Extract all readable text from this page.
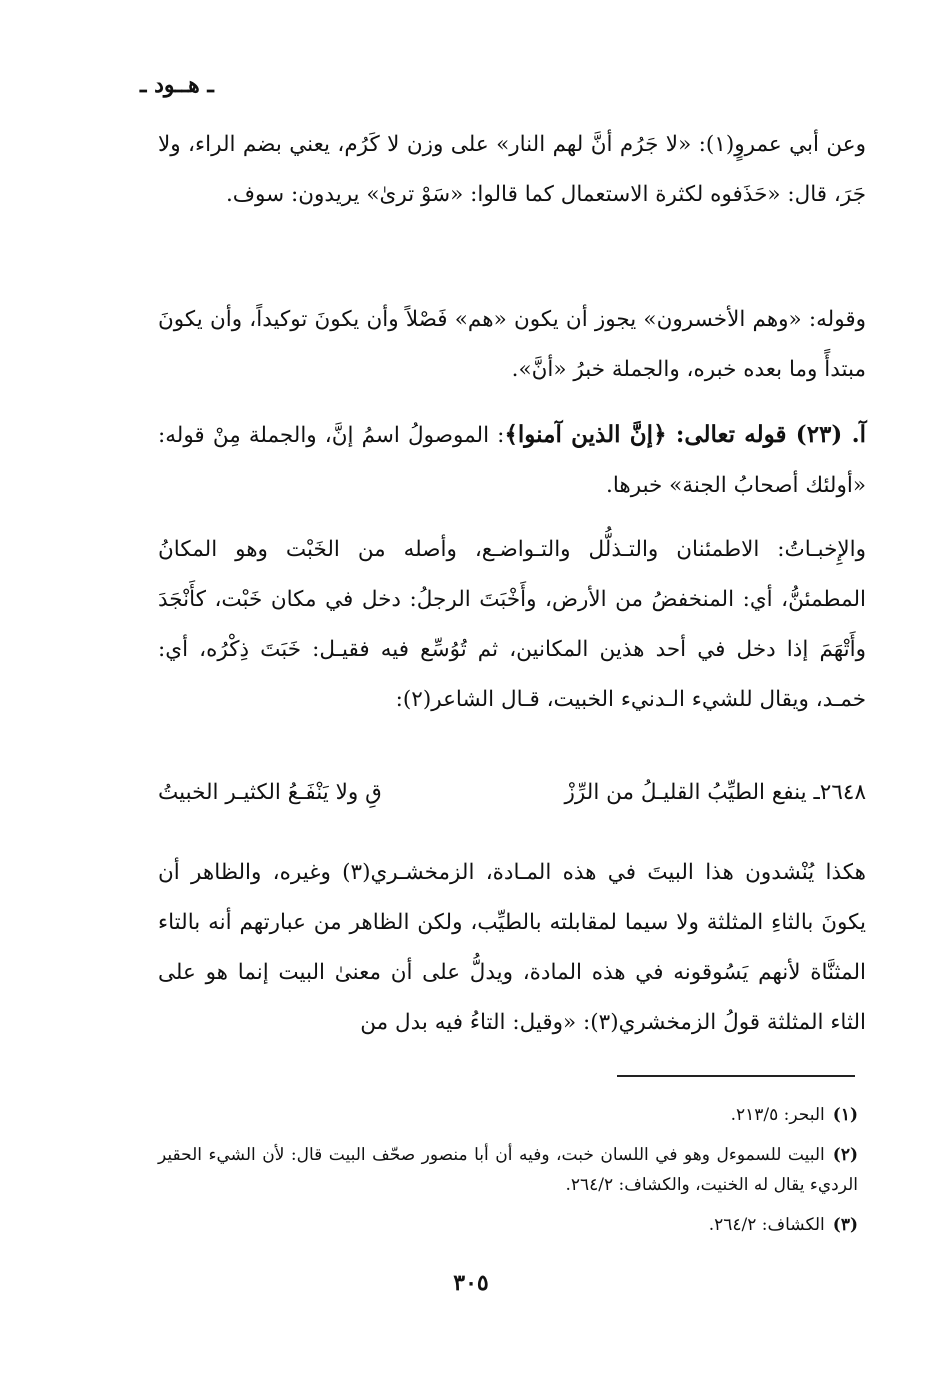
ـ هــود ـ

وعن أبي عمروٍ(١): «لا جَرُم أنَّ لهم النار» على وزن لا كَرُم، يعني بضم الراء، ولا جَرَ، قال: «حَذَفوه لكثرة الاستعمال كما قالوا: «سَوْ ترىٰ» يريدون: سوف.

وقوله: «وهم الأخسرون» يجوز أن يكون «هم» فَصْلاً وأن يكونَ توكيداً، وأن يكونَ مبتدأً وما بعده خبره، والجملة خبرُ «أنَّ».

آ. (٢٣) قوله تعالى: ﴿إنَّ الذين آمنوا﴾: الموصولُ اسمُ إنَّ، والجملة مِنْ قوله: «أولئك أصحابُ الجنة» خبرها.

والإِخبـاتُ: الاطمئنان والتـذلُّل والتـواضـع، وأصله من الخَبْت وهو المكانُ المطمئنُّ، أي: المنخفضُ من الأرض، وأَخْبَتَ الرجلُ: دخل في مكان خَبْت، كأَنْجَدَ وأَتْهَمَ إذا دخل في أحد هذين المكانين، ثم تُوُسِّع فيه فقيـل: خَبَتَ ذِكْرُه، أي: خمـد، ويقال للشيء الـدنيء الخبيت، قـال الشاعر(٢):

٢٦٤٨ـ ينفع الطيِّبُ القليـلُ من الرِّزْ
قِ ولا يَنْفَـعُ الكثيـر الخبيتُ

هكذا يُنْشدون هذا البيتَ في هذه المـادة، الزمخشـري(٣) وغيره، والظاهر أن يكونَ بالثاءِ المثلثة ولا سيما لمقابلته بالطيِّب، ولكن الظاهر من عبارتهم أنه بالتاء المثنَّاة لأنهم يَسُوقونه في هذه المادة، ويدلُّ على أن معنىٰ البيت إنما هو على الثاء المثلثة قولُ الزمخشري(٣): «وقيل: التاءُ فيه بدل من

(١)البحر: ٢١٣/٥.
(٢)البيت للسموءل وهو في اللسان خبت، وفيه أن أبا منصور صحّف البيت قال: لأن الشيء الحقير الرديء يقال له الخنيت، والكشاف: ٢٦٤/٢.
(٣)الكشاف: ٢٦٤/٢.
٣٠٥
